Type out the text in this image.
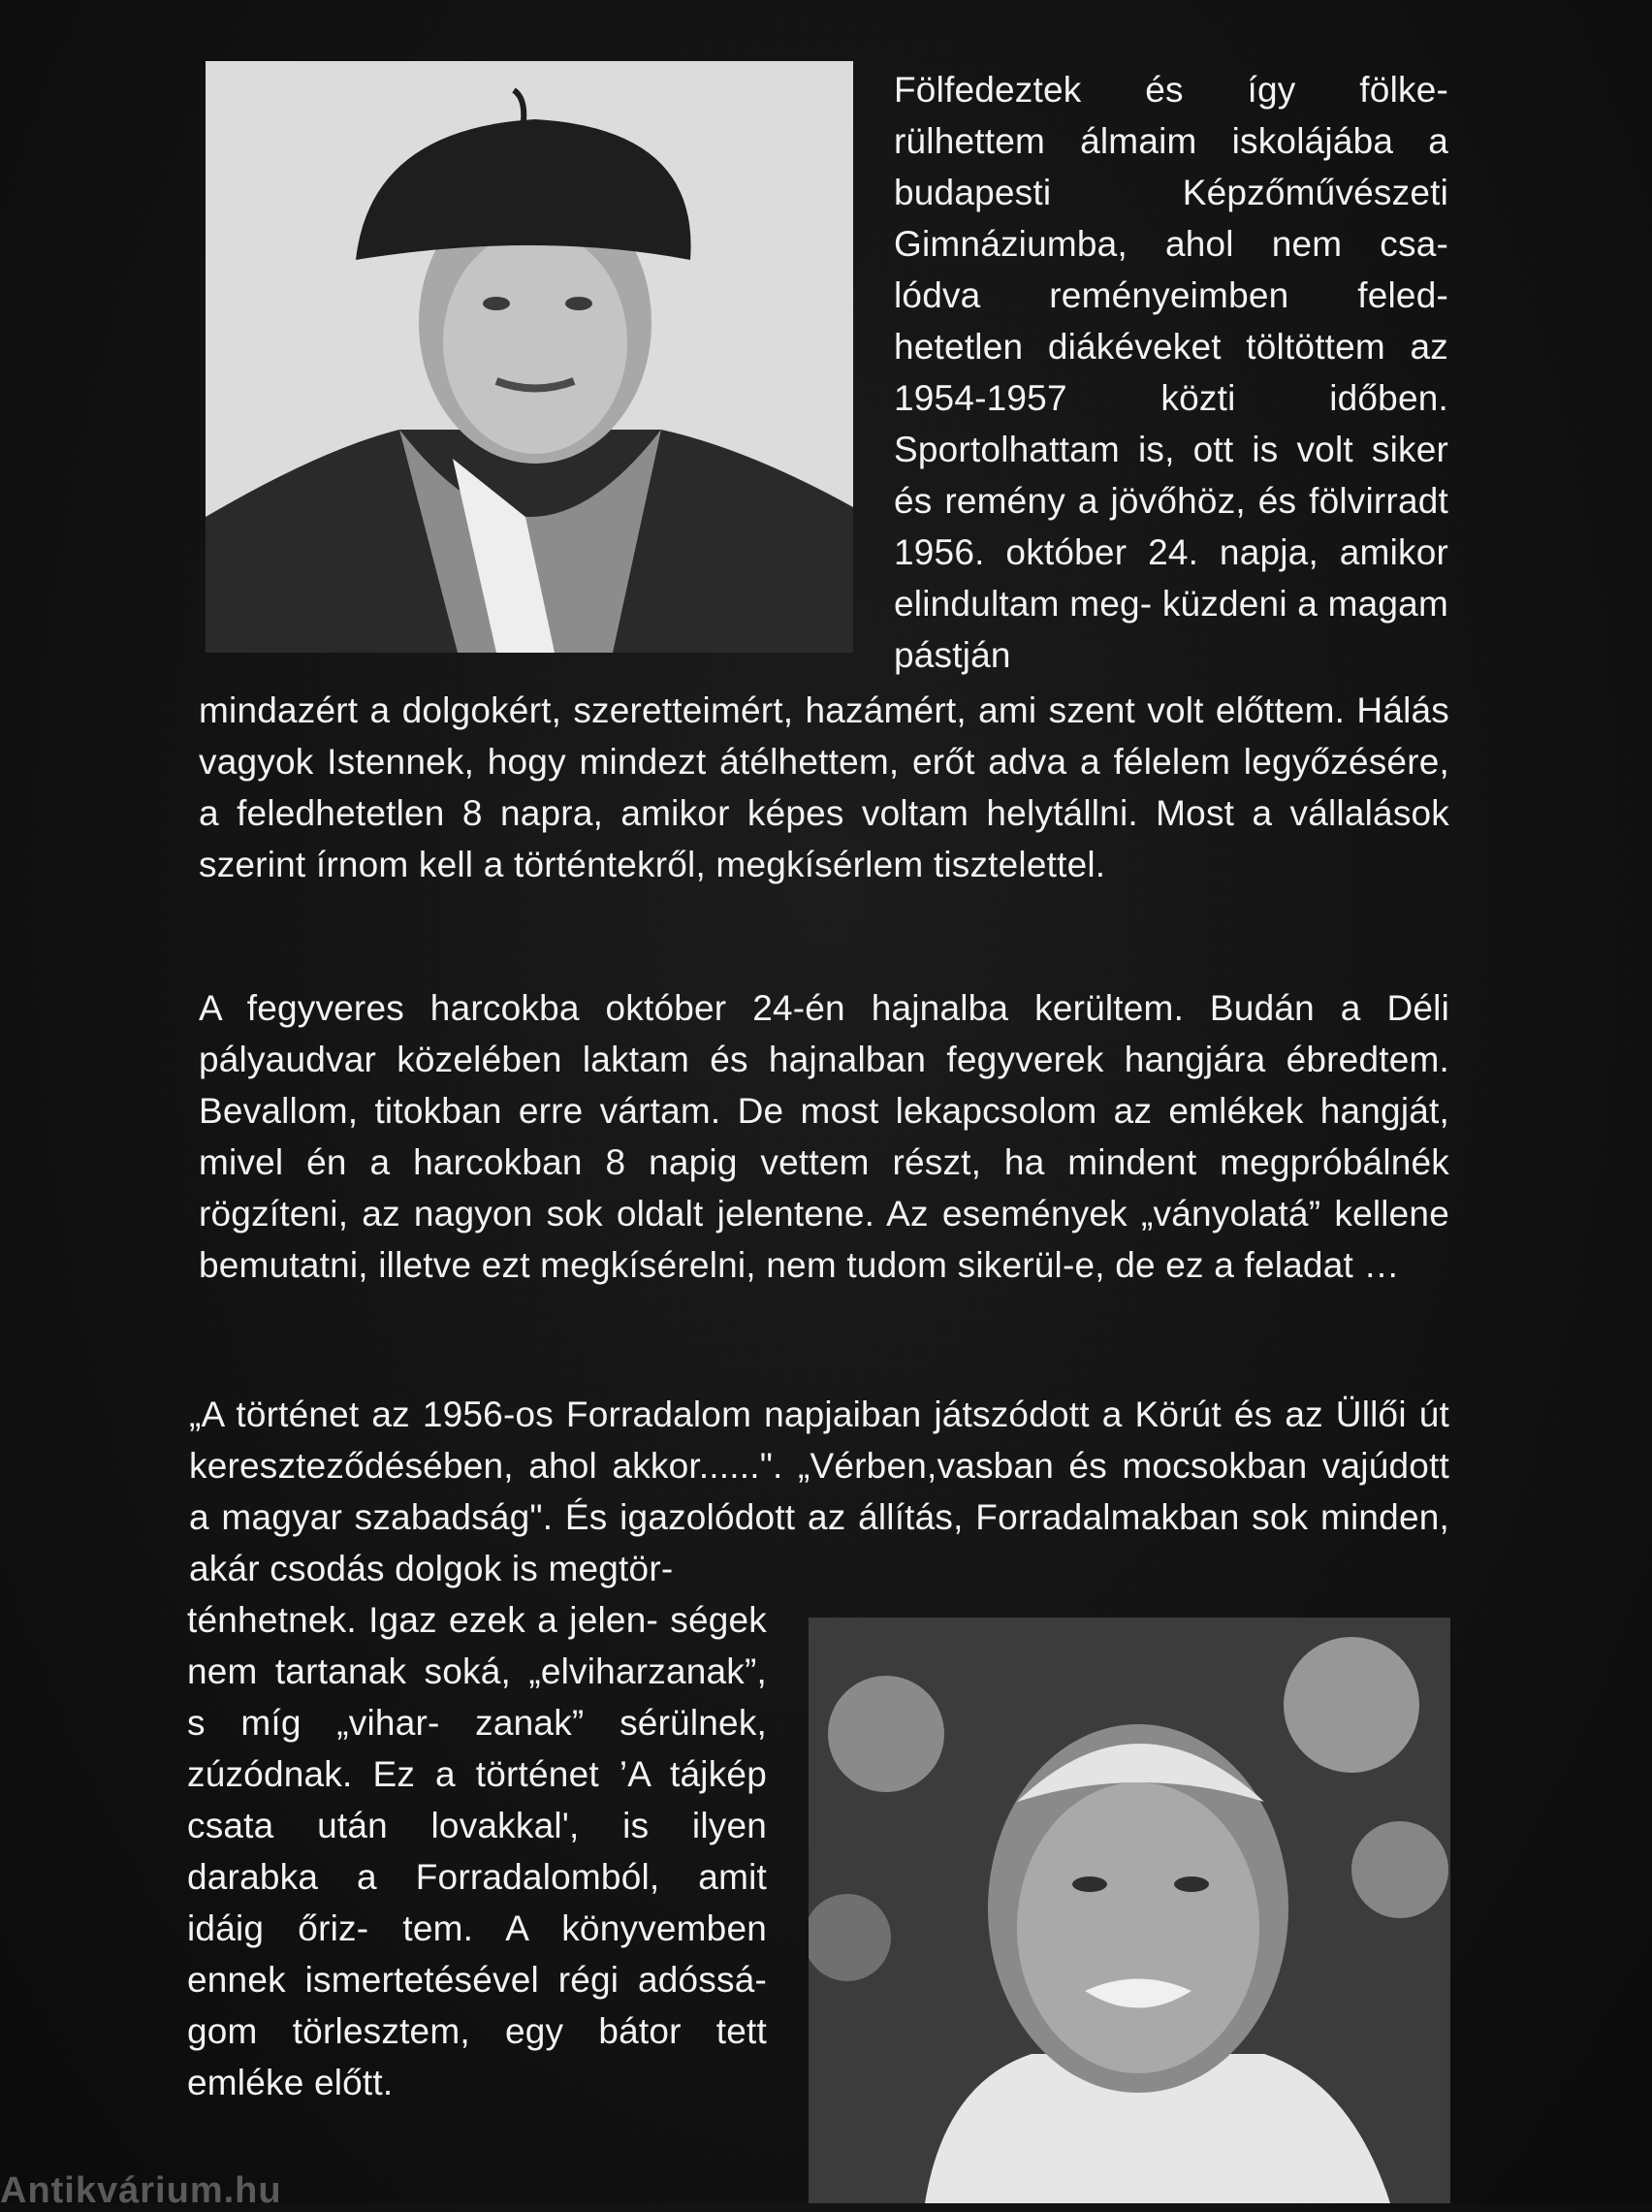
Fölfedeztek és így fölke- rülhettem álmaim iskolájába a budapesti Képzőművészeti Gimnáziumba, ahol nem csa- lódva reményeimben feled- hetetlen diákéveket töltöttem az 1954-1957 közti időben. Sportolhattam is, ott is volt siker és remény a jövőhöz, és fölvirradt 1956. október 24. napja, amikor elindultam meg- küzdeni a magam pástján

mindazért a dolgokért, szeretteimért, hazámért, ami szent volt előttem. Hálás vagyok Istennek, hogy mindezt átélhettem, erőt adva a félelem legyőzésére, a feledhetetlen 8 napra, amikor képes voltam helytállni. Most a vállalások szerint írnom kell a történtekről, megkísérlem tisztelettel.

A fegyveres harcokba október 24-én hajnalba kerültem. Budán a Déli pályaudvar közelében laktam és hajnalban fegyverek hangjára ébredtem. Bevallom, titokban erre vártam. De most lekapcsolom az emlékek hangját, mivel én a harcokban 8 napig vettem részt, ha mindent megpróbálnék rögzíteni, az nagyon sok oldalt jelentene. Az események „ványolatá” kellene bemutatni, illetve ezt megkísérelni, nem tudom sikerül-e, de ez a feladat …

„A történet az 1956-os Forradalom napjaiban játszódott a Körút és az Üllői út kereszteződésében, ahol akkor......". „Vérben,vasban és mocsokban vajúdott a magyar szabadság". És igazolódott az állítás, Forradalmakban sok minden, akár csodás dolgok is megtör-

ténhetnek. Igaz ezek a jelen- ségek nem tartanak soká, „elviharzanak”, s míg „vihar- zanak” sérülnek, zúzódnak. Ez a történet ’A tájkép csata után lovakkal', is ilyen darabka a Forradalomból, amit idáig őriz- tem. A könyvemben ennek ismertetésével régi adóssá- gom törlesztem, egy bátor tett emléke előtt.

Antikvárium.hu
